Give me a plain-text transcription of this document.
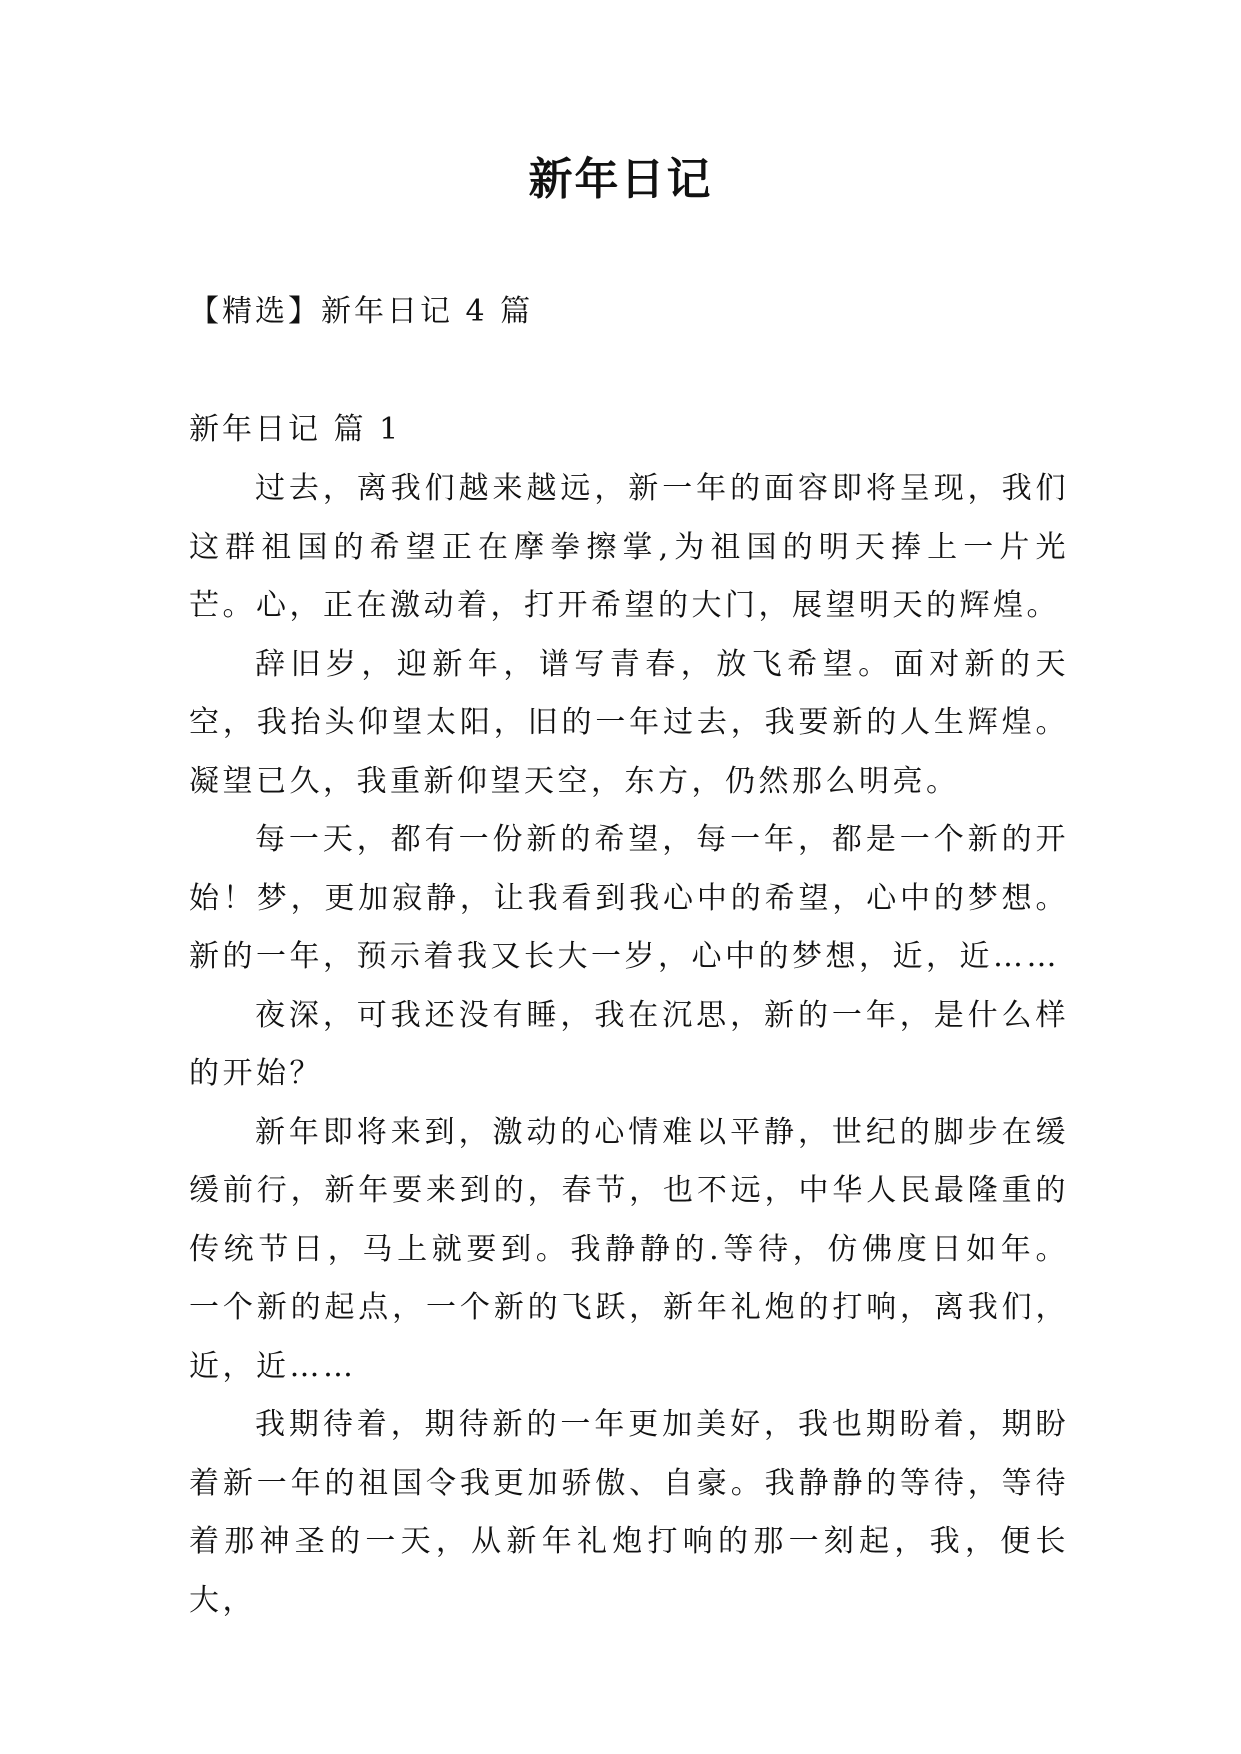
新年日记
【精选】新年日记 4 篇
新年日记 篇 1

过去，离我们越来越远，新一年的面容即将呈现，我们这群祖国的希望正在摩拳擦掌,为祖国的明天捧上一片光芒。心，正在激动着，打开希望的大门，展望明天的辉煌。

辞旧岁，迎新年，谱写青春，放飞希望。面对新的天空，我抬头仰望太阳，旧的一年过去，我要新的人生辉煌。凝望已久，我重新仰望天空，东方，仍然那么明亮。

每一天，都有一份新的希望，每一年，都是一个新的开始！梦，更加寂静，让我看到我心中的希望，心中的梦想。新的一年，预示着我又长大一岁，心中的梦想，近，近……

夜深，可我还没有睡，我在沉思，新的一年，是什么样的开始？

新年即将来到，激动的心情难以平静，世纪的脚步在缓缓前行，新年要来到的，春节，也不远，中华人民最隆重的传统节日，马上就要到。我静静的.等待，仿佛度日如年。一个新的起点，一个新的飞跃，新年礼炮的打响，离我们，近，近……

我期待着，期待新的一年更加美好，我也期盼着，期盼着新一年的祖国令我更加骄傲、自豪。我静静的等待，等待着那神圣的一天，从新年礼炮打响的那一刻起，我，便长大，
